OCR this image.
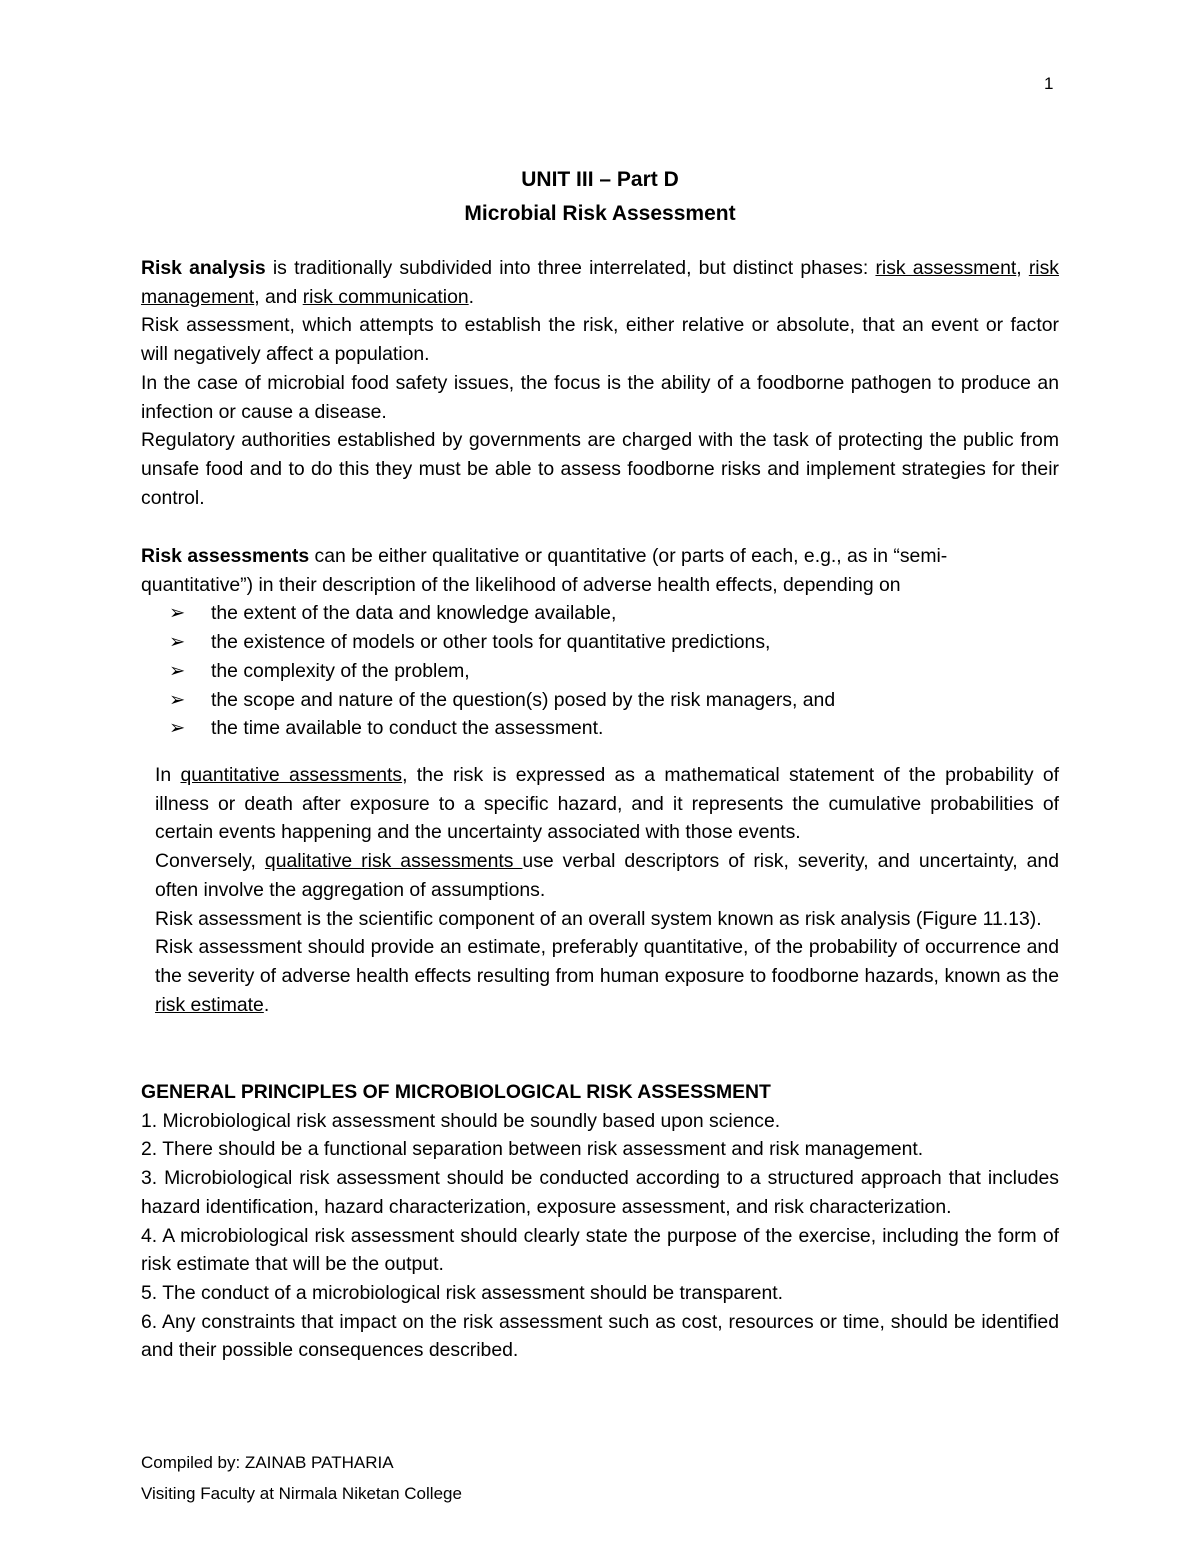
1
UNIT III – Part D
Microbial Risk Assessment

Risk analysis is traditionally subdivided into three interrelated, but distinct phases: risk assessment, risk management, and risk communication.

Risk assessment, which attempts to establish the risk, either relative or absolute, that an event or factor will negatively affect a population.

In the case of microbial food safety issues, the focus is the ability of a foodborne pathogen to produce an infection or cause a disease.

Regulatory authorities established by governments are charged with the task of protecting the public from unsafe food and to do this they must be able to assess foodborne risks and implement strategies for their control.

Risk assessments can be either qualitative or quantitative (or parts of each, e.g., as in “semi-quantitative”) in their description of the likelihood of adverse health effects, depending on

➢ the extent of the data and knowledge available,
➢ the existence of models or other tools for quantitative predictions,
➢ the complexity of the problem,
➢ the scope and nature of the question(s) posed by the risk managers, and
➢ the time available to conduct the assessment.

In quantitative assessments, the risk is expressed as a mathematical statement of the probability of illness or death after exposure to a specific hazard, and it represents the cumulative probabilities of certain events happening and the uncertainty associated with those events.

Conversely, qualitative risk assessments use verbal descriptors of risk, severity, and uncertainty, and often involve the aggregation of assumptions.

Risk assessment is the scientific component of an overall system known as risk analysis (Figure 11.13).

Risk assessment should provide an estimate, preferably quantitative, of the probability of occurrence and the severity of adverse health effects resulting from human exposure to foodborne hazards, known as the risk estimate.

GENERAL PRINCIPLES OF MICROBIOLOGICAL RISK ASSESSMENT

1. Microbiological risk assessment should be soundly based upon science.

2. There should be a functional separation between risk assessment and risk management.

3. Microbiological risk assessment should be conducted according to a structured approach that includes hazard identification, hazard characterization, exposure assessment, and risk characterization.

4. A microbiological risk assessment should clearly state the purpose of the exercise, including the form of risk estimate that will be the output.

5. The conduct of a microbiological risk assessment should be transparent.

6. Any constraints that impact on the risk assessment such as cost, resources or time, should be identified and their possible consequences described.

Compiled by: ZAINAB PATHARIA
Visiting Faculty at Nirmala Niketan College
